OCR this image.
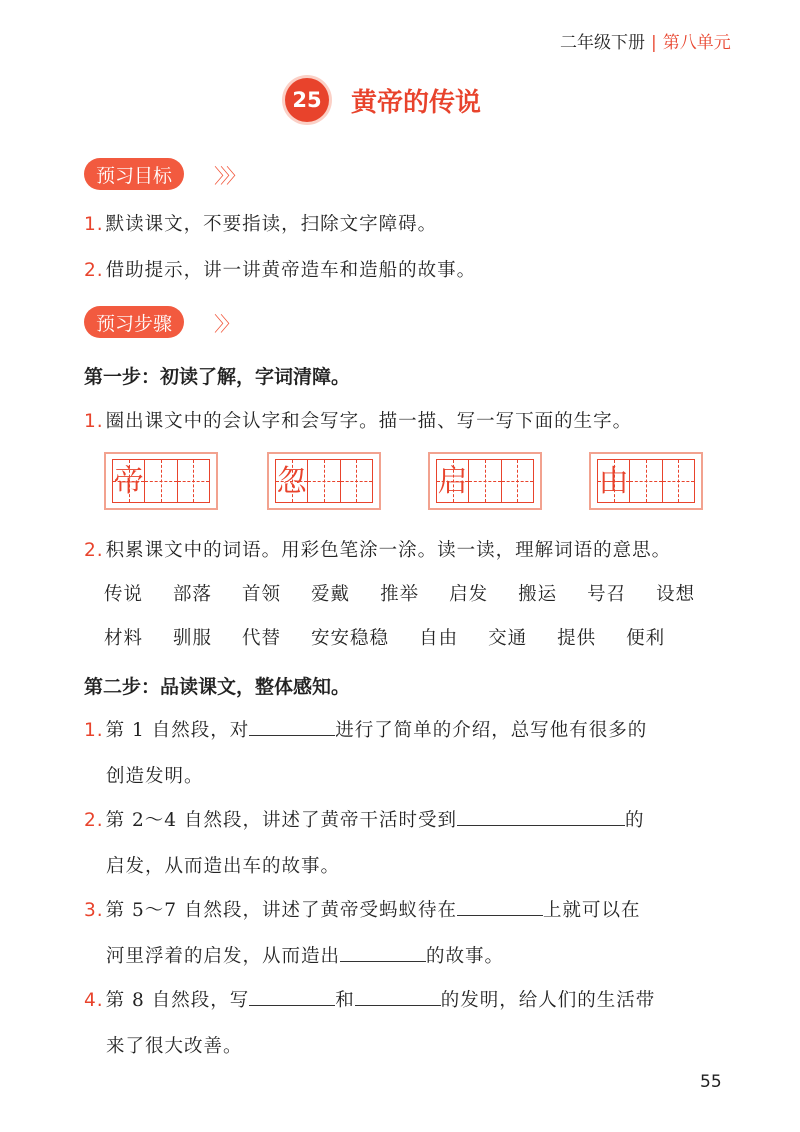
二年级下册 | 第八单元
25 黄帝的传说
预习目标	〉〉〉
1. 默读课文，不要指读，扫除文字障碍。
2. 借助提示，讲一讲黄帝造车和造船的故事。
预习步骤	〉〉
第一步：初读了解，字词清障。
1. 圈出课文中的会认字和会写字。描一描、写一写下面的生字。
帝	忽	启	由
2. 积累课文中的词语。用彩色笔涂一涂。读一读，理解词语的意思。
传说 部落 首领 爱戴 推举 启发 搬运 号召 设想
材料 驯服 代替 安安稳稳 自由 交通 提供 便利
第二步：品读课文，整体感知。
1. 第 1 自然段，对	进行了简单的介绍，总写他有很多的
创造发明。
2. 第 2～4 自然段，讲述了黄帝干活时受到	的
启发，从而造出车的故事。
3. 第 5～7 自然段，讲述了黄帝受蚂蚁待在	上就可以在
河里浮着的启发，从而造出	的故事。
4. 第 8 自然段，写	和	的发明，给人们的生活带
来了很大改善。
55
